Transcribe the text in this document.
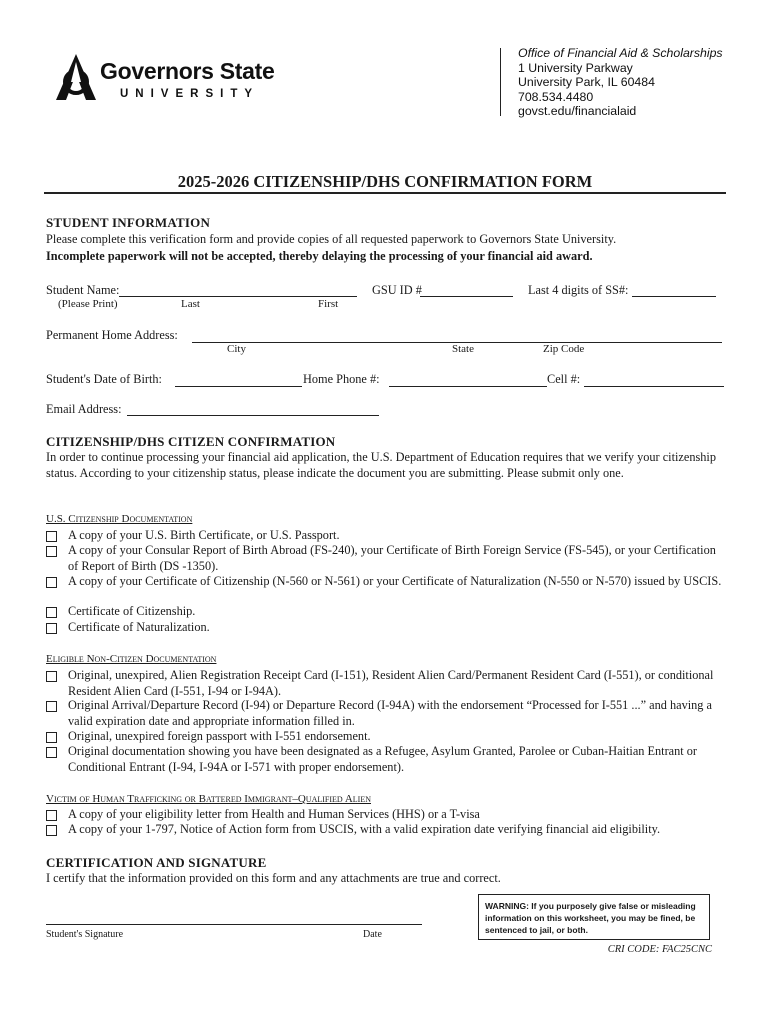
Governors State
UNIVERSITY
Office of Financial Aid & Scholarships
1 University Parkway
University Park, IL 60484
708.534.4480
govst.edu/financialaid
2025-2026 CITIZENSHIP/DHS CONFIRMATION FORM
STUDENT INFORMATION
Please complete this verification form and provide copies of all requested paperwork to Governors State University.
Incomplete paperwork will not be accepted, thereby delaying the processing of your financial aid award.
Student Name:	GSU ID #	Last 4 digits of SS#:
(Please Print)	Last	First
Permanent Home Address:
City	State	Zip Code
Student's Date of Birth:	Home Phone #:	Cell #:
Email Address:
CITIZENSHIP/DHS CITIZEN CONFIRMATION
In order to continue processing your financial aid application, the U.S. Department of Education requires that we verify your citizenship status. According to your citizenship status, please indicate the document you are submitting. Please submit only one.
U.S. Citizenship Documentation
A copy of your U.S. Birth Certificate, or U.S. Passport.
A copy of your Consular Report of Birth Abroad (FS-240), your Certificate of Birth Foreign Service (FS-545), or your Certification of Report of Birth (DS -1350).
A copy of your Certificate of Citizenship (N-560 or N-561) or your Certificate of Naturalization (N-550 or N-570) issued by USCIS.
Certificate of Citizenship.
Certificate of Naturalization.
Eligible Non-Citizen Documentation
Original, unexpired, Alien Registration Receipt Card (I-151), Resident Alien Card/Permanent Resident Card (I-551), or conditional Resident Alien Card (I-551, I-94 or I-94A).
Original Arrival/Departure Record (I-94) or Departure Record (I-94A) with the endorsement “Processed for I-551 ...” and having a valid expiration date and appropriate information filled in.
Original, unexpired foreign passport with I-551 endorsement.
Original documentation showing you have been designated as a Refugee, Asylum Granted, Parolee or Cuban-Haitian Entrant or Conditional Entrant (I-94, I-94A or I-571 with proper endorsement).
Victim of Human Trafficking or Battered Immigrant–Qualified Alien
A copy of your eligibility letter from Health and Human Services (HHS) or a T-visa
A copy of your 1-797, Notice of Action form from USCIS, with a valid expiration date verifying financial aid eligibility.
CERTIFICATION AND SIGNATURE
I certify that the information provided on this form and any attachments are true and correct.
Student's Signature	Date
WARNING: If you purposely give false or misleading information on this worksheet, you may be fined, be sentenced to jail, or both.
CRI CODE: FAC25CNC
